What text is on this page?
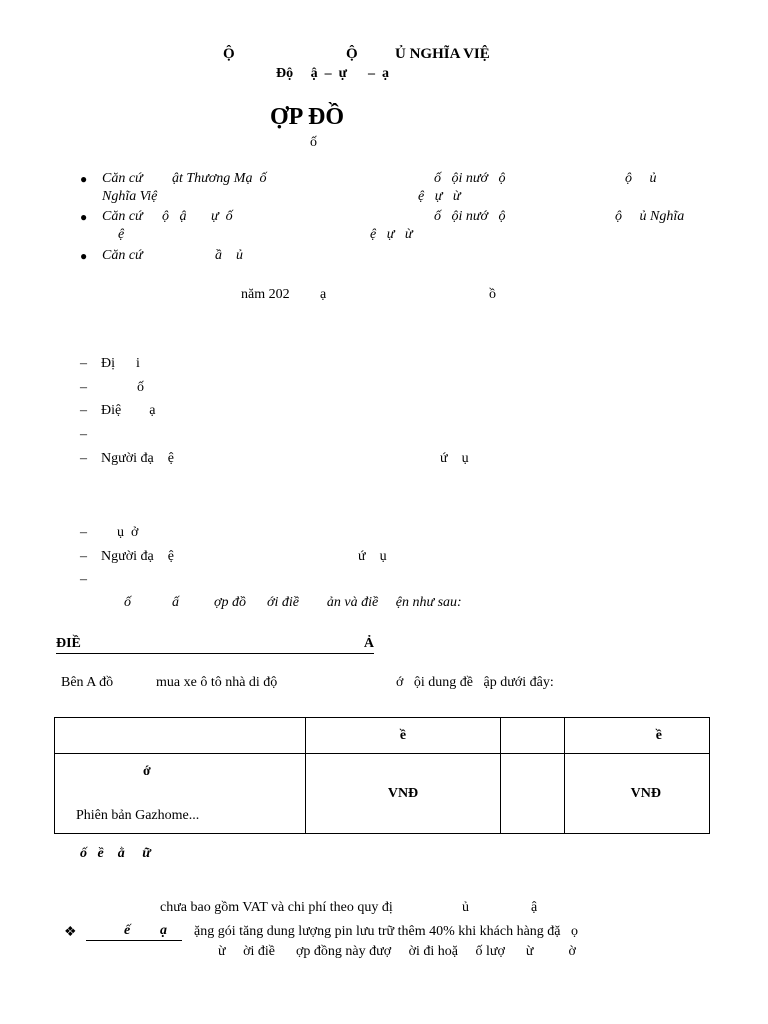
Ộ	Ộ Ủ NGHĨA VIỆ
Độ     ậ  –  ự      –  ạ
ỢP ĐỒ
ố
● Căn cứ ật Thương Mạ  ố	ố   ội nướ   ộ	ộ     ủ
Nghĩa Việ	ệ   ự   ừ
● Căn cứ ộ   ậ       ự  ố	ố   ội nướ   ộ	ộ     ủ Nghĩa
ệ	ệ   ự   ừ
● Căn cứ	ầ    ủ
năm 202 ạ	ồ
– Đị      i
–	ố
– Điệ        ạ
–
– Người đạ    ệ	ứ    ụ
– ụ  ở
– Người đạ    ệ	ứ    ụ
–
ố	ấ	ợp đồ      ới điề        ản và điề     ện như sau:
ĐIỀ	Ả
Bên A đồ	mua xe ô tô nhà di độ	ớ   ội dung đề   ập dưới đây:
	ề		ề

ớ
Phiên bản Gazhome...	VNĐ		VNĐ
ố   ề    ằ     ữ
chưa bao gồm VAT và chi phí theo quy đị	ủ	ậ
❖	ế ạ ặng gói tăng dung lượng pin lưu trữ thêm 40% khi khách hàng đặ   ọ
ừ     ời điề      ợp đồng này đượ     ời đi hoặ     ố lượ      ừ          ờ
